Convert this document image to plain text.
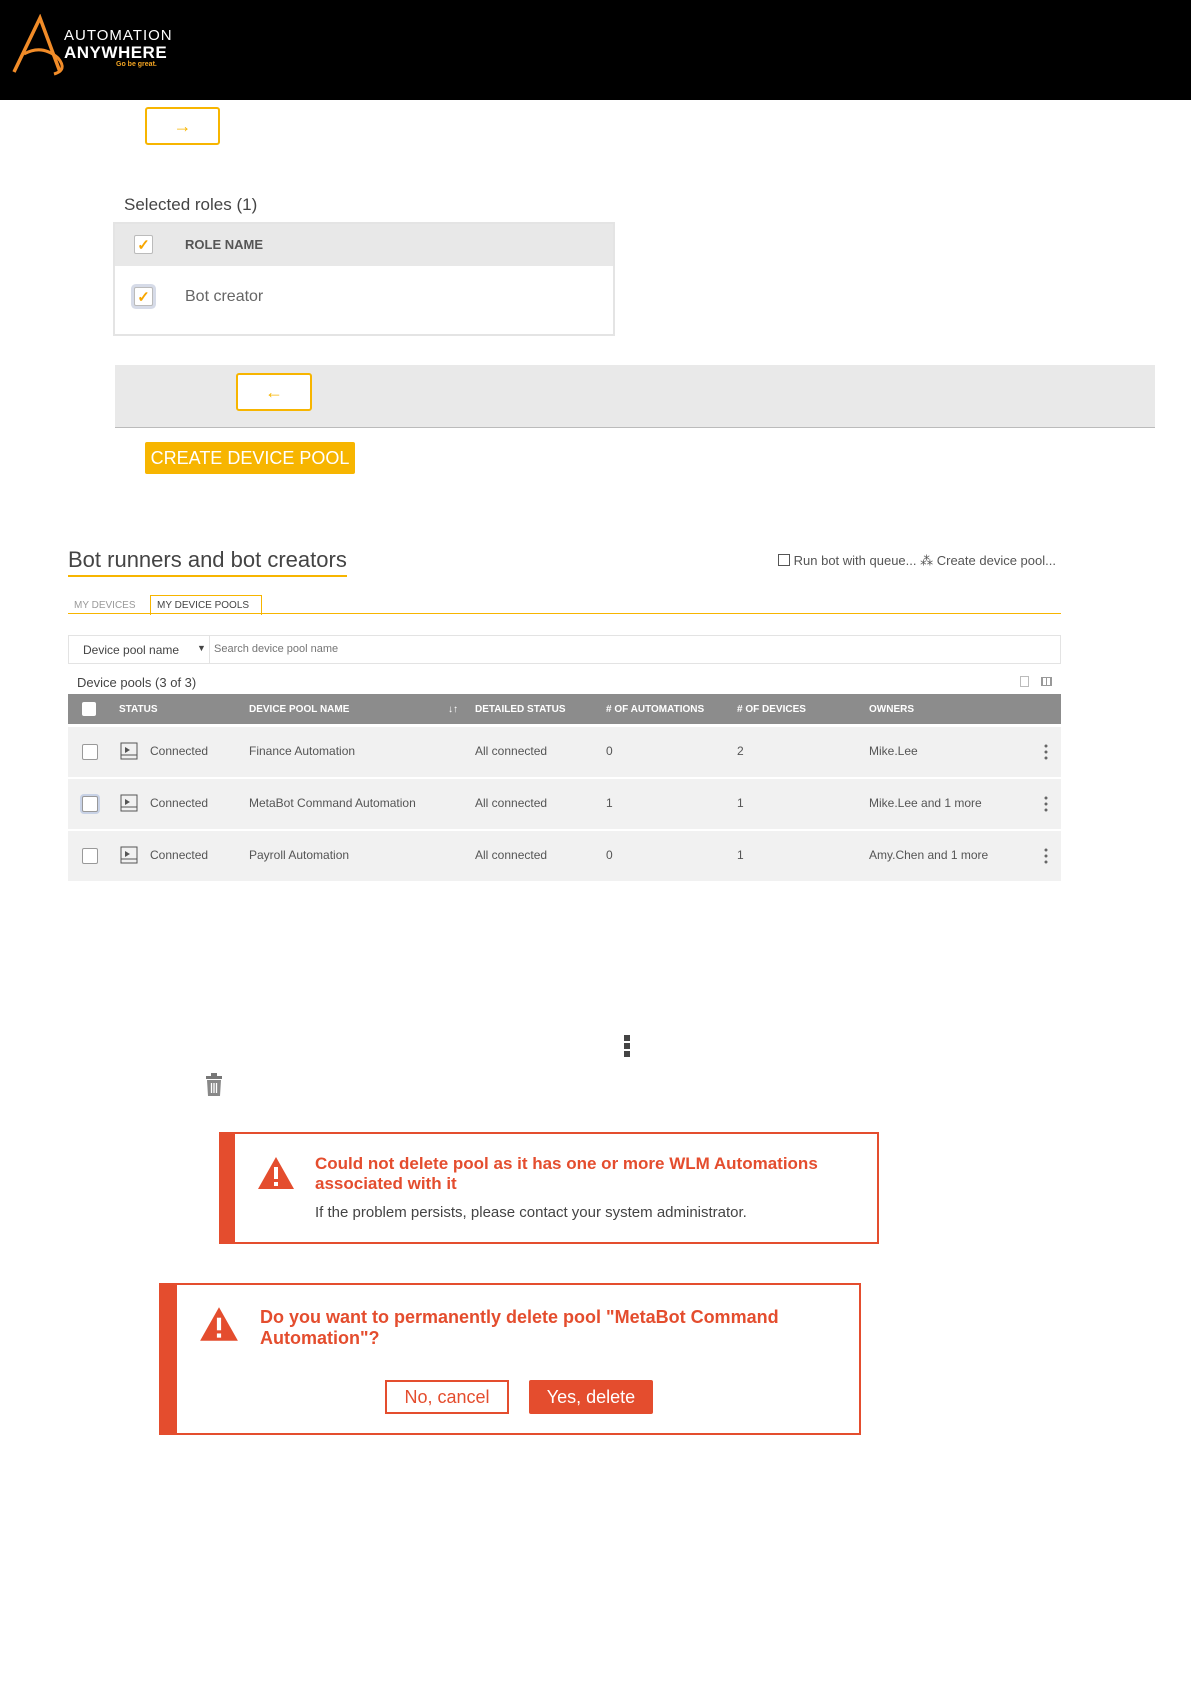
AUTOMATION
ANYWHERE
Go be great.
→
Selected roles (1)
✓	ROLE NAME
✓ Bot creator
←
CREATE DEVICE POOL
Bot runners and bot creators	Run bot with queue... ⁂ Create device pool...
MY DEVICES	MY DEVICE POOLS
Device pool name ▼
Search device pool name
Device pools (3 of 3)
STATUS	DEVICE POOL NAME	↓↑ DETAILED STATUS	# OF AUTOMATIONS	# OF DEVICES	OWNERS
Connected	Finance Automation	All connected	0	2	Mike.Lee
Connected	MetaBot Command Automation	All connected	1	1	Mike.Lee and 1 more
Connected	Payroll Automation	All connected	0	1	Amy.Chen and 1 more
Could not delete pool as it has one or more WLM Automations
associated with it
If the problem persists, please contact your system administrator.
Do you want to permanently delete pool "MetaBot Command
Automation"?
No, cancel	Yes, delete
